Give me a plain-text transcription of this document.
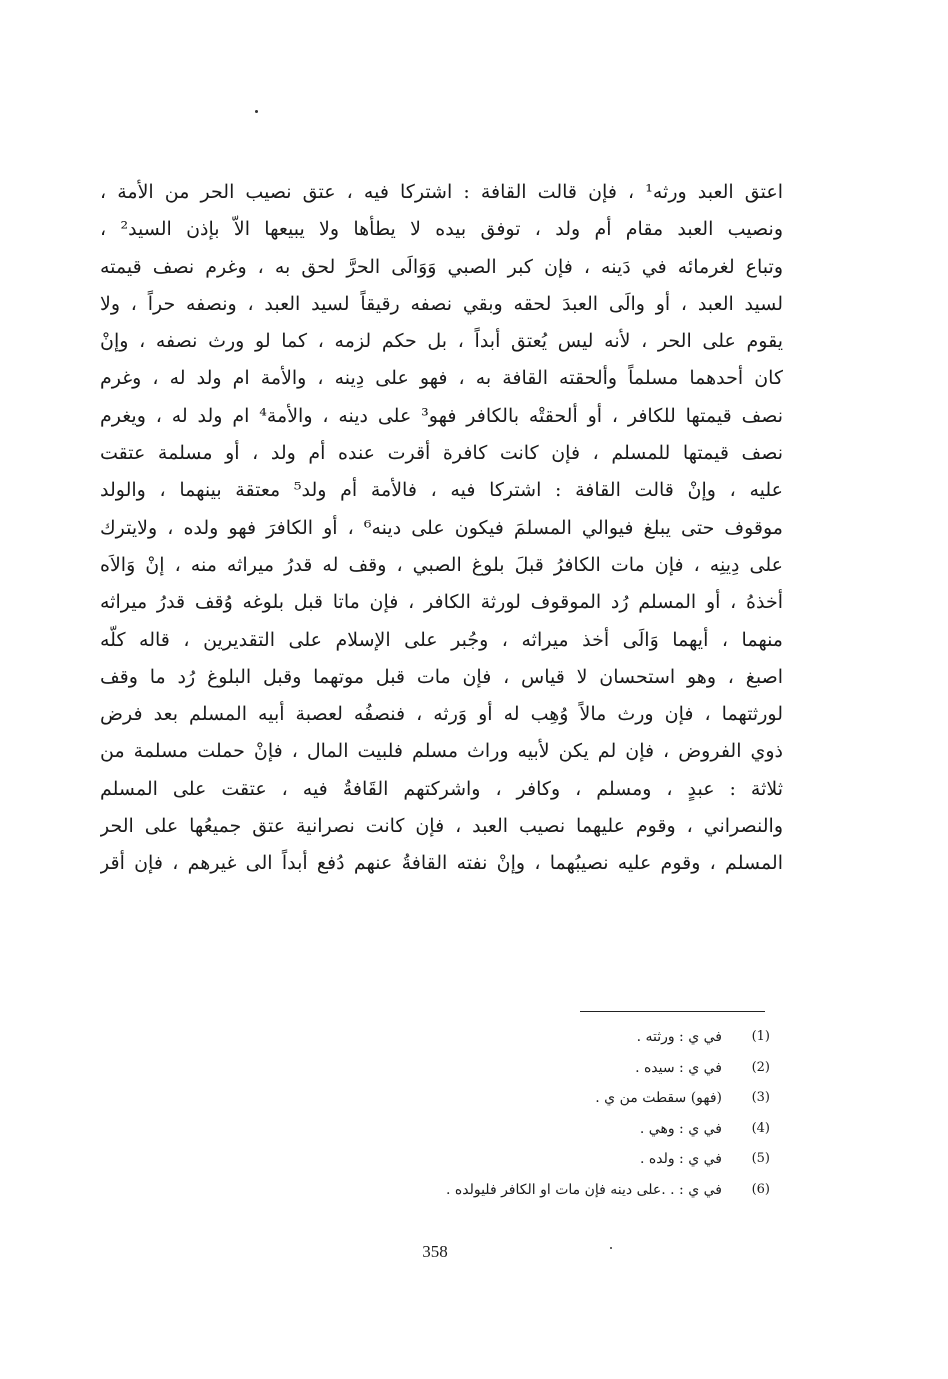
اعتق العبد ورثه¹ ، فإن قالت القافة : اشتركا فيه ، عتق نصيب الحر من الأمة ،
ونصيب العبد مقام أم ولد ، توفق بيده لا يطأها ولا يبيعها الاّ بإذن السيد² ،
وتباع لغرمائه في دَينه ، فإن كبر الصبي وَوَالَى الحرَّ لحق به ، وغرم نصف قيمته
لسيد العبد ، أو والَى العبدَ لحقه وبقي نصفه رقيقاً لسيد العبد ، ونصفه حراً ، ولا
يقوم على الحر ، لأنه ليس يُعتق أبداً ، بل حكم لزمه ، كما لو ورث نصفه ، وإنْ
كان أحدهما مسلماً وألحقته القافة به ، فهو على دِينه ، والأمة ام ولد له ، وغرم
نصف قيمتها للكافر ، أو ألحقتْه بالكافر فهو³ على دينه ، والأمة⁴ ام ولد له ، ويغرم
نصف قيمتها للمسلم ، فإن كانت كافرة أقرت عنده أم ولد ، أو مسلمة عتقت
عليه ، وإنْ قالت القافة : اشتركا فيه ، فالأمة أم ولد⁵ معتقة بينهما ، والولد
موقوف حتى يبلغ فيوالي المسلمَ فيكون على دينه⁶ ، أو الكافرَ فهو ولده ، ولايترك
على دِينِه ، فإن مات الكافرُ قبلَ بلوغ الصبي ، وقف له قدرُ ميراثه منه ، إنْ وَالاَه
أخذهُ ، أو المسلم رُد الموقوف لورثة الكافر ، فإن ماتا قبل بلوغه وُقف قدرُ ميراثه
منهما ، أيهما وَالَى أخذ ميراثه ، وجُبر على الإسلام على التقديرين ، قاله كلّه
اصبغ ، وهو استحسان لا قياس ، فإن مات قبل موتهما وقبل البلوغ رُد ما وقف
لورثتهما ، فإن ورث مالاً وُهِب له أو وَرثه ، فنصفُه لعصبة أبيه المسلم بعد فرض
ذوي الفروض ، فإن لم يكن لأبيه وراث مسلم فلبيت المال ، فإنْ حملت مسلمة من
ثلاثة : عبدٍ ، ومسلم ، وكافر ، واشركتهم القَافةُ فيه ، عتقت على المسلم
والنصراني ، وقوم عليهما نصيب العبد ، فإن كانت نصرانية عتق جميعُها على الحر
المسلم ، وقوم عليه نصيبُهما ، وإنْ نفته القافةُ عنهم دُفع أبداً الى غيرهم ، فإن أقر
(1)
في ي : ورثته .
(2)
في ي : سيده .
(3)
(فهو) سقطت من ي .
(4)
في ي : وهي .
(5)
في ي : ولده .
(6)
في ي : . .على دينه فإن مات او الكافر فليولده .
358
